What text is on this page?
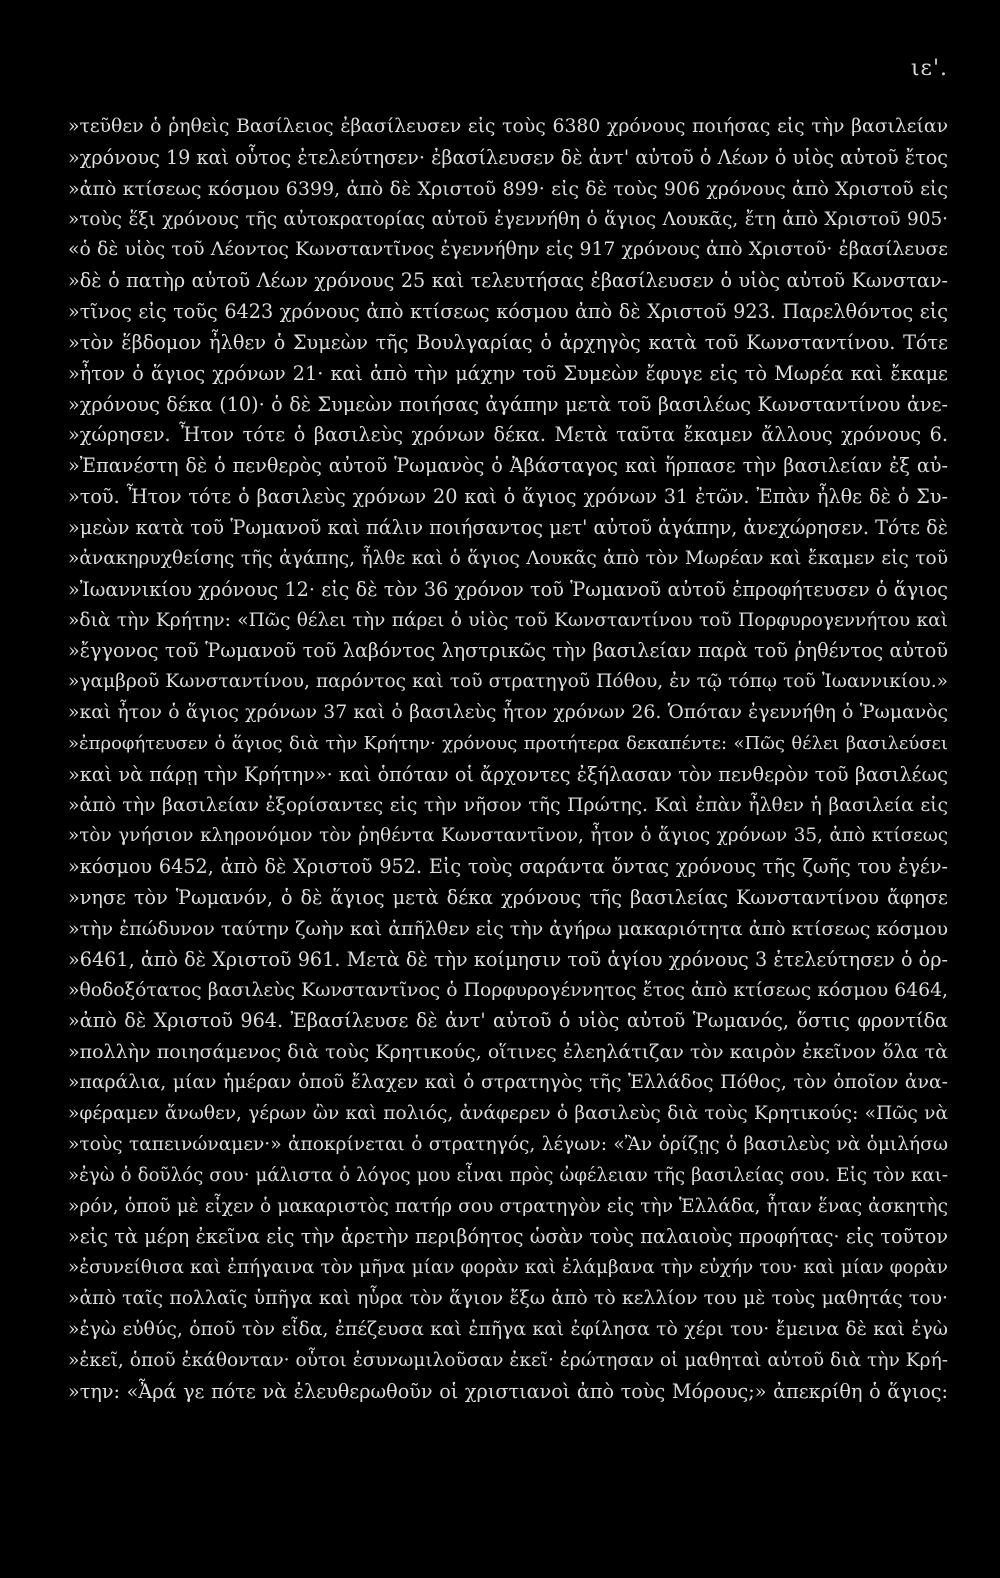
ιε'.
»τεῦθεν ὁ ῥηθεὶς Βασίλειος ἐβασίλευσεν εἰς τοὺς 6380 χρόνους ποιήσας εἰς τὴν βασιλείαν
»χρόνους 19 καὶ οὗτος ἐτελεύτησεν· ἐβασίλευσεν δὲ ἀντ' αὐτοῦ ὁ Λέων ὁ υἱὸς αὐτοῦ ἔτος
»ἀπὸ κτίσεως κόσμου 6399, ἀπὸ δὲ Χριστοῦ 899· εἰς δὲ τοὺς 906 χρόνους ἀπὸ Χριστοῦ εἰς
»τοὺς ἕξι χρόνους τῆς αὐτοκρατορίας αὐτοῦ ἐγεννήθη ὁ ἅγιος Λουκᾶς, ἔτη ἀπὸ Χριστοῦ 905·
«ὁ δὲ υἱὸς τοῦ Λέοντος Κωνσταντῖνος ἐγεννήθην εἰς 917 χρόνους ἀπὸ Χριστοῦ· ἐβασίλευσε
»δὲ ὁ πατὴρ αὐτοῦ Λέων χρόνους 25 καὶ τελευτήσας ἐβασίλευσεν ὁ υἱὸς αὐτοῦ Κωνσταν-
»τῖνος εἰς τοῦς 6423 χρόνους ἀπὸ κτίσεως κόσμου ἀπὸ δὲ Χριστοῦ 923. Παρελθόντος εἰς
»τὸν ἕβδομον ἦλθεν ὁ Συμεὼν τῆς Βουλγαρίας ὁ ἀρχηγὸς κατὰ τοῦ Κωνσταντίνου. Τότε
»ἦτον ὁ ἅγιος χρόνων 21· καὶ ἀπὸ τὴν μάχην τοῦ Συμεὼν ἔφυγε εἰς τὸ Μωρέα καὶ ἔκαμε
»χρόνους δέκα (10)· ὁ δὲ Συμεὼν ποιήσας ἀγάπην μετὰ τοῦ βασιλέως Κωνσταντίνου ἀνε-
»χώρησεν. Ἦτον τότε ὁ βασιλεὺς χρόνων δέκα. Μετὰ ταῦτα ἔκαμεν ἄλλους χρόνους 6.
»Ἐπανέστη δὲ ὁ πενθερὸς αὐτοῦ Ῥωμανὸς ὁ Ἀβάσταγος καὶ ἥρπασε τὴν βασιλείαν ἐξ αὐ-
»τοῦ. Ἦτον τότε ὁ βασιλεὺς χρόνων 20 καὶ ὁ ἅγιος χρόνων 31 ἐτῶν. Ἐπὰν ἦλθε δὲ ὁ Συ-
»μεὼν κατὰ τοῦ Ῥωμανοῦ καὶ πάλιν ποιήσαντος μετ' αὐτοῦ ἀγάπην, ἀνεχώρησεν. Τότε δὲ
»ἀνακηρυχθείσης τῆς ἀγάπης, ἦλθε καὶ ὁ ἅγιος Λουκᾶς ἀπὸ τὸν Μωρέαν καὶ ἔκαμεν εἰς τοῦ
»Ἰωαννικίου χρόνους 12· εἰς δὲ τὸν 36 χρόνον τοῦ Ῥωμανοῦ αὐτοῦ ἐπροφήτευσεν ὁ ἅγιος
»διὰ τὴν Κρήτην: «Πῶς θέλει τὴν πάρει ὁ υἱὸς τοῦ Κωνσταντίνου τοῦ Πορφυρογεννήτου καὶ
»ἔγγονος τοῦ Ῥωμανοῦ τοῦ λαβόντος ληστρικῶς τὴν βασιλείαν παρὰ τοῦ ῥηθέντος αὐτοῦ
»γαμβροῦ Κωνσταντίνου, παρόντος καὶ τοῦ στρατηγοῦ Πόθου, ἐν τῷ τόπῳ τοῦ Ἰωαννικίου.»
»καὶ ἦτον ὁ ἅγιος χρόνων 37 καὶ ὁ βασιλεὺς ἦτον χρόνων 26. Ὁπόταν ἐγεννήθη ὁ Ῥωμανὸς
»ἐπροφήτευσεν ὁ ἅγιος διὰ τὴν Κρήτην· χρόνους προτήτερα δεκαπέντε: «Πῶς θέλει βασιλεύσει
»καὶ νὰ πάρῃ τὴν Κρήτην»· καὶ ὁπόταν οἱ ἄρχοντες ἐξήλασαν τὸν πενθερὸν τοῦ βασιλέως
»ἀπὸ τὴν βασιλείαν ἐξορίσαντες εἰς τὴν νῆσον τῆς Πρώτης. Καὶ ἐπὰν ἦλθεν ἡ βασιλεία εἰς
»τὸν γνήσιον κληρονόμον τὸν ῥηθέντα Κωνσταντῖνον, ἦτον ὁ ἅγιος χρόνων 35, ἀπὸ κτίσεως
»κόσμου 6452, ἀπὸ δὲ Χριστοῦ 952. Εἰς τοὺς σαράντα ὄντας χρόνους τῆς ζωῆς του ἐγέν-
»νησε τὸν Ῥωμανόν, ὁ δὲ ἅγιος μετὰ δέκα χρόνους τῆς βασιλείας Κωνσταντίνου ἄφησε
»τὴν ἐπώδυνον ταύτην ζωὴν καὶ ἀπῆλθεν εἰς τὴν ἀγήρω μακαριότητα ἀπὸ κτίσεως κόσμου
»6461, ἀπὸ δὲ Χριστοῦ 961. Μετὰ δὲ τὴν κοίμησιν τοῦ ἁγίου χρόνους 3 ἐτελεύτησεν ὁ ὀρ-
»θοδοξότατος βασιλεὺς Κωνσταντῖνος ὁ Πορφυρογέννητος ἔτος ἀπὸ κτίσεως κόσμου 6464,
»ἀπὸ δὲ Χριστοῦ 964. Ἐβασίλευσε δὲ ἀντ' αὐτοῦ ὁ υἱὸς αὐτοῦ Ῥωμανός, ὅστις φροντίδα
»πολλὴν ποιησάμενος διὰ τοὺς Κρητικούς, οἵτινες ἐλεηλάτιζαν τὸν καιρὸν ἐκεῖνον ὅλα τὰ
»παράλια, μίαν ἡμέραν ὁποῦ ἔλαχεν καὶ ὁ στρατηγὸς τῆς Ἑλλάδος Πόθος, τὸν ὁποῖον ἀνα-
»φέραμεν ἄνωθεν, γέρων ὢν καὶ πολιός, ἀνάφερεν ὁ βασιλεὺς διὰ τοὺς Κρητικούς: «Πῶς νὰ
»τοὺς ταπεινώναμεν·» ἀποκρίνεται ὁ στρατηγός, λέγων: «Ἂν ὁρίζῃς ὁ βασιλεὺς νὰ ὁμιλήσω
»ἐγὼ ὁ δοῦλός σου· μάλιστα ὁ λόγος μου εἶναι πρὸς ὠφέλειαν τῆς βασιλείας σου. Εἰς τὸν και-
»ρόν, ὁποῦ μὲ εἶχεν ὁ μακαριστὸς πατήρ σου στρατηγὸν εἰς τὴν Ἑλλάδα, ἦταν ἕνας ἀσκητὴς
»εἰς τὰ μέρη ἐκεῖνα εἰς τὴν ἀρετὴν περιβόητος ὡσὰν τοὺς παλαιοὺς προφήτας· εἰς τοῦτον
»ἐσυνείθισα καὶ ἐπήγαινα τὸν μῆνα μίαν φορὰν καὶ ἐλάμβανα τὴν εὐχήν του· καὶ μίαν φορὰν
»ἀπὸ ταῖς πολλαῖς ὑπῆγα καὶ ηὗρα τὸν ἅγιον ἔξω ἀπὸ τὸ κελλίον του μὲ τοὺς μαθητάς του·
»ἐγὼ εὐθύς, ὁποῦ τὸν εἶδα, ἐπέζευσα καὶ ἐπῆγα καὶ ἐφίλησα τὸ χέρι του· ἔμεινα δὲ καὶ ἐγὼ
»ἐκεῖ, ὁποῦ ἐκάθονταν· οὗτοι ἐσυνωμιλοῦσαν ἐκεῖ· ἐρώτησαν οἱ μαθηταὶ αὐτοῦ διὰ τὴν Κρή-
»την: «Ἆρά γε πότε νὰ ἐλευθερωθοῦν οἱ χριστιανοὶ ἀπὸ τοὺς Μόρους;» ἀπεκρίθη ὁ ἅγιος:
